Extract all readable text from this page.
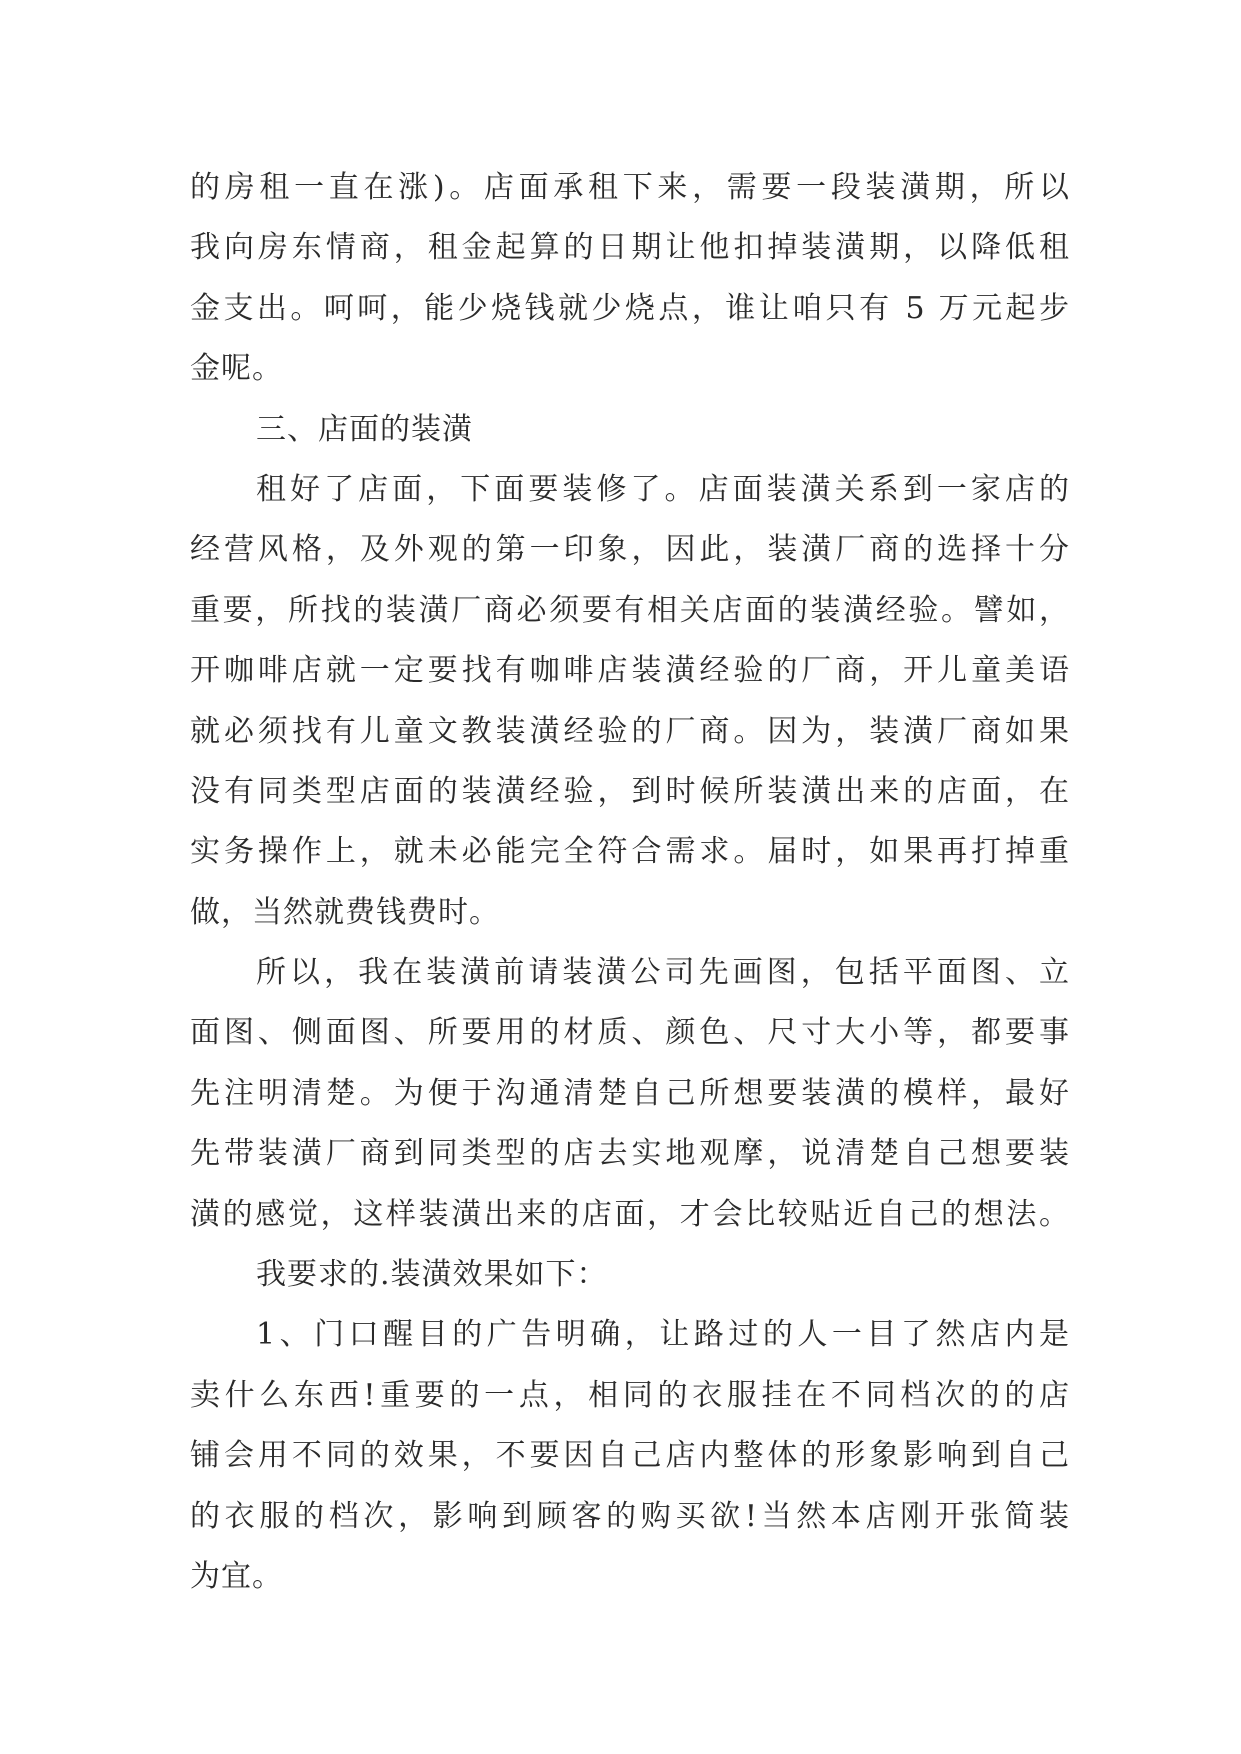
的房租一直在涨)。店面承租下来，需要一段装潢期，所以
我向房东情商，租金起算的日期让他扣掉装潢期，以降低租
金支出。呵呵，能少烧钱就少烧点，谁让咱只有 5 万元起步
金呢。
三、店面的装潢
租好了店面，下面要装修了。店面装潢关系到一家店的
经营风格，及外观的第一印象，因此，装潢厂商的选择十分
重要，所找的装潢厂商必须要有相关店面的装潢经验。譬如，
开咖啡店就一定要找有咖啡店装潢经验的厂商，开儿童美语
就必须找有儿童文教装潢经验的厂商。因为，装潢厂商如果
没有同类型店面的装潢经验，到时候所装潢出来的店面，在
实务操作上，就未必能完全符合需求。届时，如果再打掉重
做，当然就费钱费时。
所以，我在装潢前请装潢公司先画图，包括平面图、立
面图、侧面图、所要用的材质、颜色、尺寸大小等，都要事
先注明清楚。为便于沟通清楚自己所想要装潢的模样，最好
先带装潢厂商到同类型的店去实地观摩，说清楚自己想要装
潢的感觉，这样装潢出来的店面，才会比较贴近自己的想法。
我要求的.装潢效果如下：
1、门口醒目的广告明确，让路过的人一目了然店内是
卖什么东西!重要的一点，相同的衣服挂在不同档次的的店
铺会用不同的效果，不要因自己店内整体的形象影响到自己
的衣服的档次，影响到顾客的购买欲!当然本店刚开张简装
为宜。
